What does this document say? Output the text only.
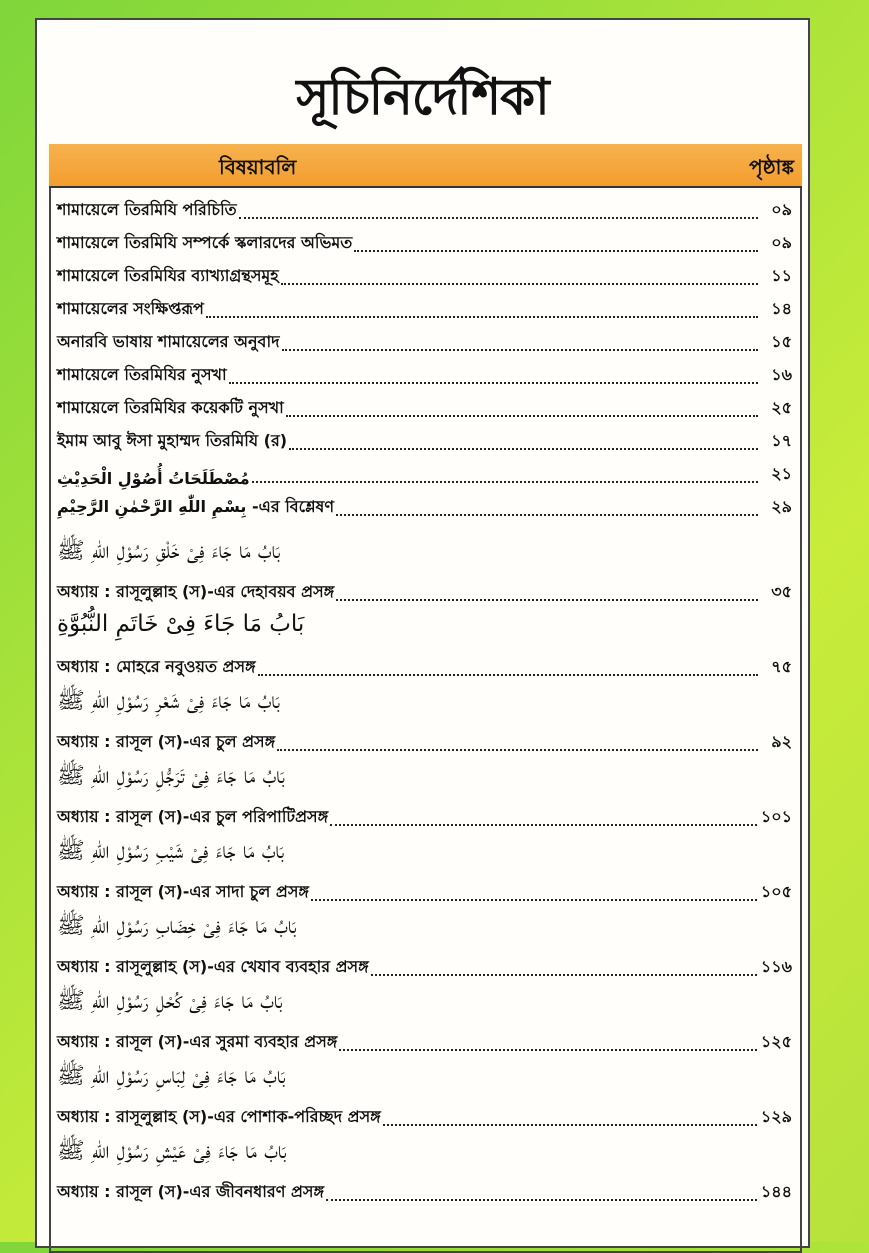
সূচিনির্দেশিকা
বিষয়াবলি	পৃষ্ঠাঙ্ক
শামায়েলে তিরমিযি পরিচিতি	০৯
শামায়েলে তিরমিযি সম্পর্কে স্কলারদের অভিমত	০৯
শামায়েলে তিরমিযির ব্যাখ্যাগ্রন্থসমূহ	১১
শামায়েলের সংক্ষিপ্তরূপ	১৪
অনারবি ভাষায় শামায়েলের অনুবাদ	১৫
শামায়েলে তিরমিযির নুসখা	১৬
শামায়েলে তিরমিযির কয়েকটি নুসখা	২৫
ইমাম আবু ঈসা মুহাম্মদ তিরমিযি (র)	১৭
مُصْطَلَحَاتُ أُصُوْلِ الْحَدِيْثِ	২১
بِسْمِ اللّٰهِ الرَّحْمٰنِ الرَّحِيْمِ -এর বিশ্লেষণ	২৯
بَابُ مَا جَاءَ فِىْ خَلْقِ رَسُوْلِ اللّٰهِ ﷺ
অধ্যায় : রাসূলুল্লাহ (স)-এর দেহাবয়ব প্রসঙ্গ	৩৫
بَابُ مَا جَاءَ فِىْ خَاتَمِ النُّبُوَّةِ
অধ্যায় : মোহরে নবুওয়ত প্রসঙ্গ	৭৫
بَابُ مَا جَاءَ فِىْ شَعْرِ رَسُوْلِ اللّٰهِ ﷺ
অধ্যায় : রাসূল (স)-এর চুল প্রসঙ্গ	৯২
بَابُ مَا جَاءَ فِىْ تَرَجُّلِ رَسُوْلِ اللّٰهِ ﷺ
অধ্যায় : রাসূল (স)-এর চুল পরিপাটিপ্রসঙ্গ	১০১
بَابُ مَا جَاءَ فِىْ شَيْبِ رَسُوْلِ اللّٰهِ ﷺ
অধ্যায় : রাসূল (স)-এর সাদা চুল প্রসঙ্গ	১০৫
بَابُ مَا جَاءَ فِىْ خِضَابِ رَسُوْلِ اللّٰهِ ﷺ
অধ্যায় : রাসূলুল্লাহ (স)-এর খেযাব ব্যবহার প্রসঙ্গ	১১৬
بَابُ مَا جَاءَ فِىْ كُحْلِ رَسُوْلِ اللّٰهِ ﷺ
অধ্যায় : রাসূল (স)-এর সুরমা ব্যবহার প্রসঙ্গ	১২৫
بَابُ مَا جَاءَ فِىْ لِبَاسِ رَسُوْلِ اللّٰهِ ﷺ
অধ্যায় : রাসূলুল্লাহ (স)-এর পোশাক-পরিচ্ছদ প্রসঙ্গ	১২৯
بَابُ مَا جَاءَ فِىْ عَيْشِ رَسُوْلِ اللّٰهِ ﷺ
অধ্যায় : রাসূল (স)-এর জীবনধারণ প্রসঙ্গ	১৪৪
